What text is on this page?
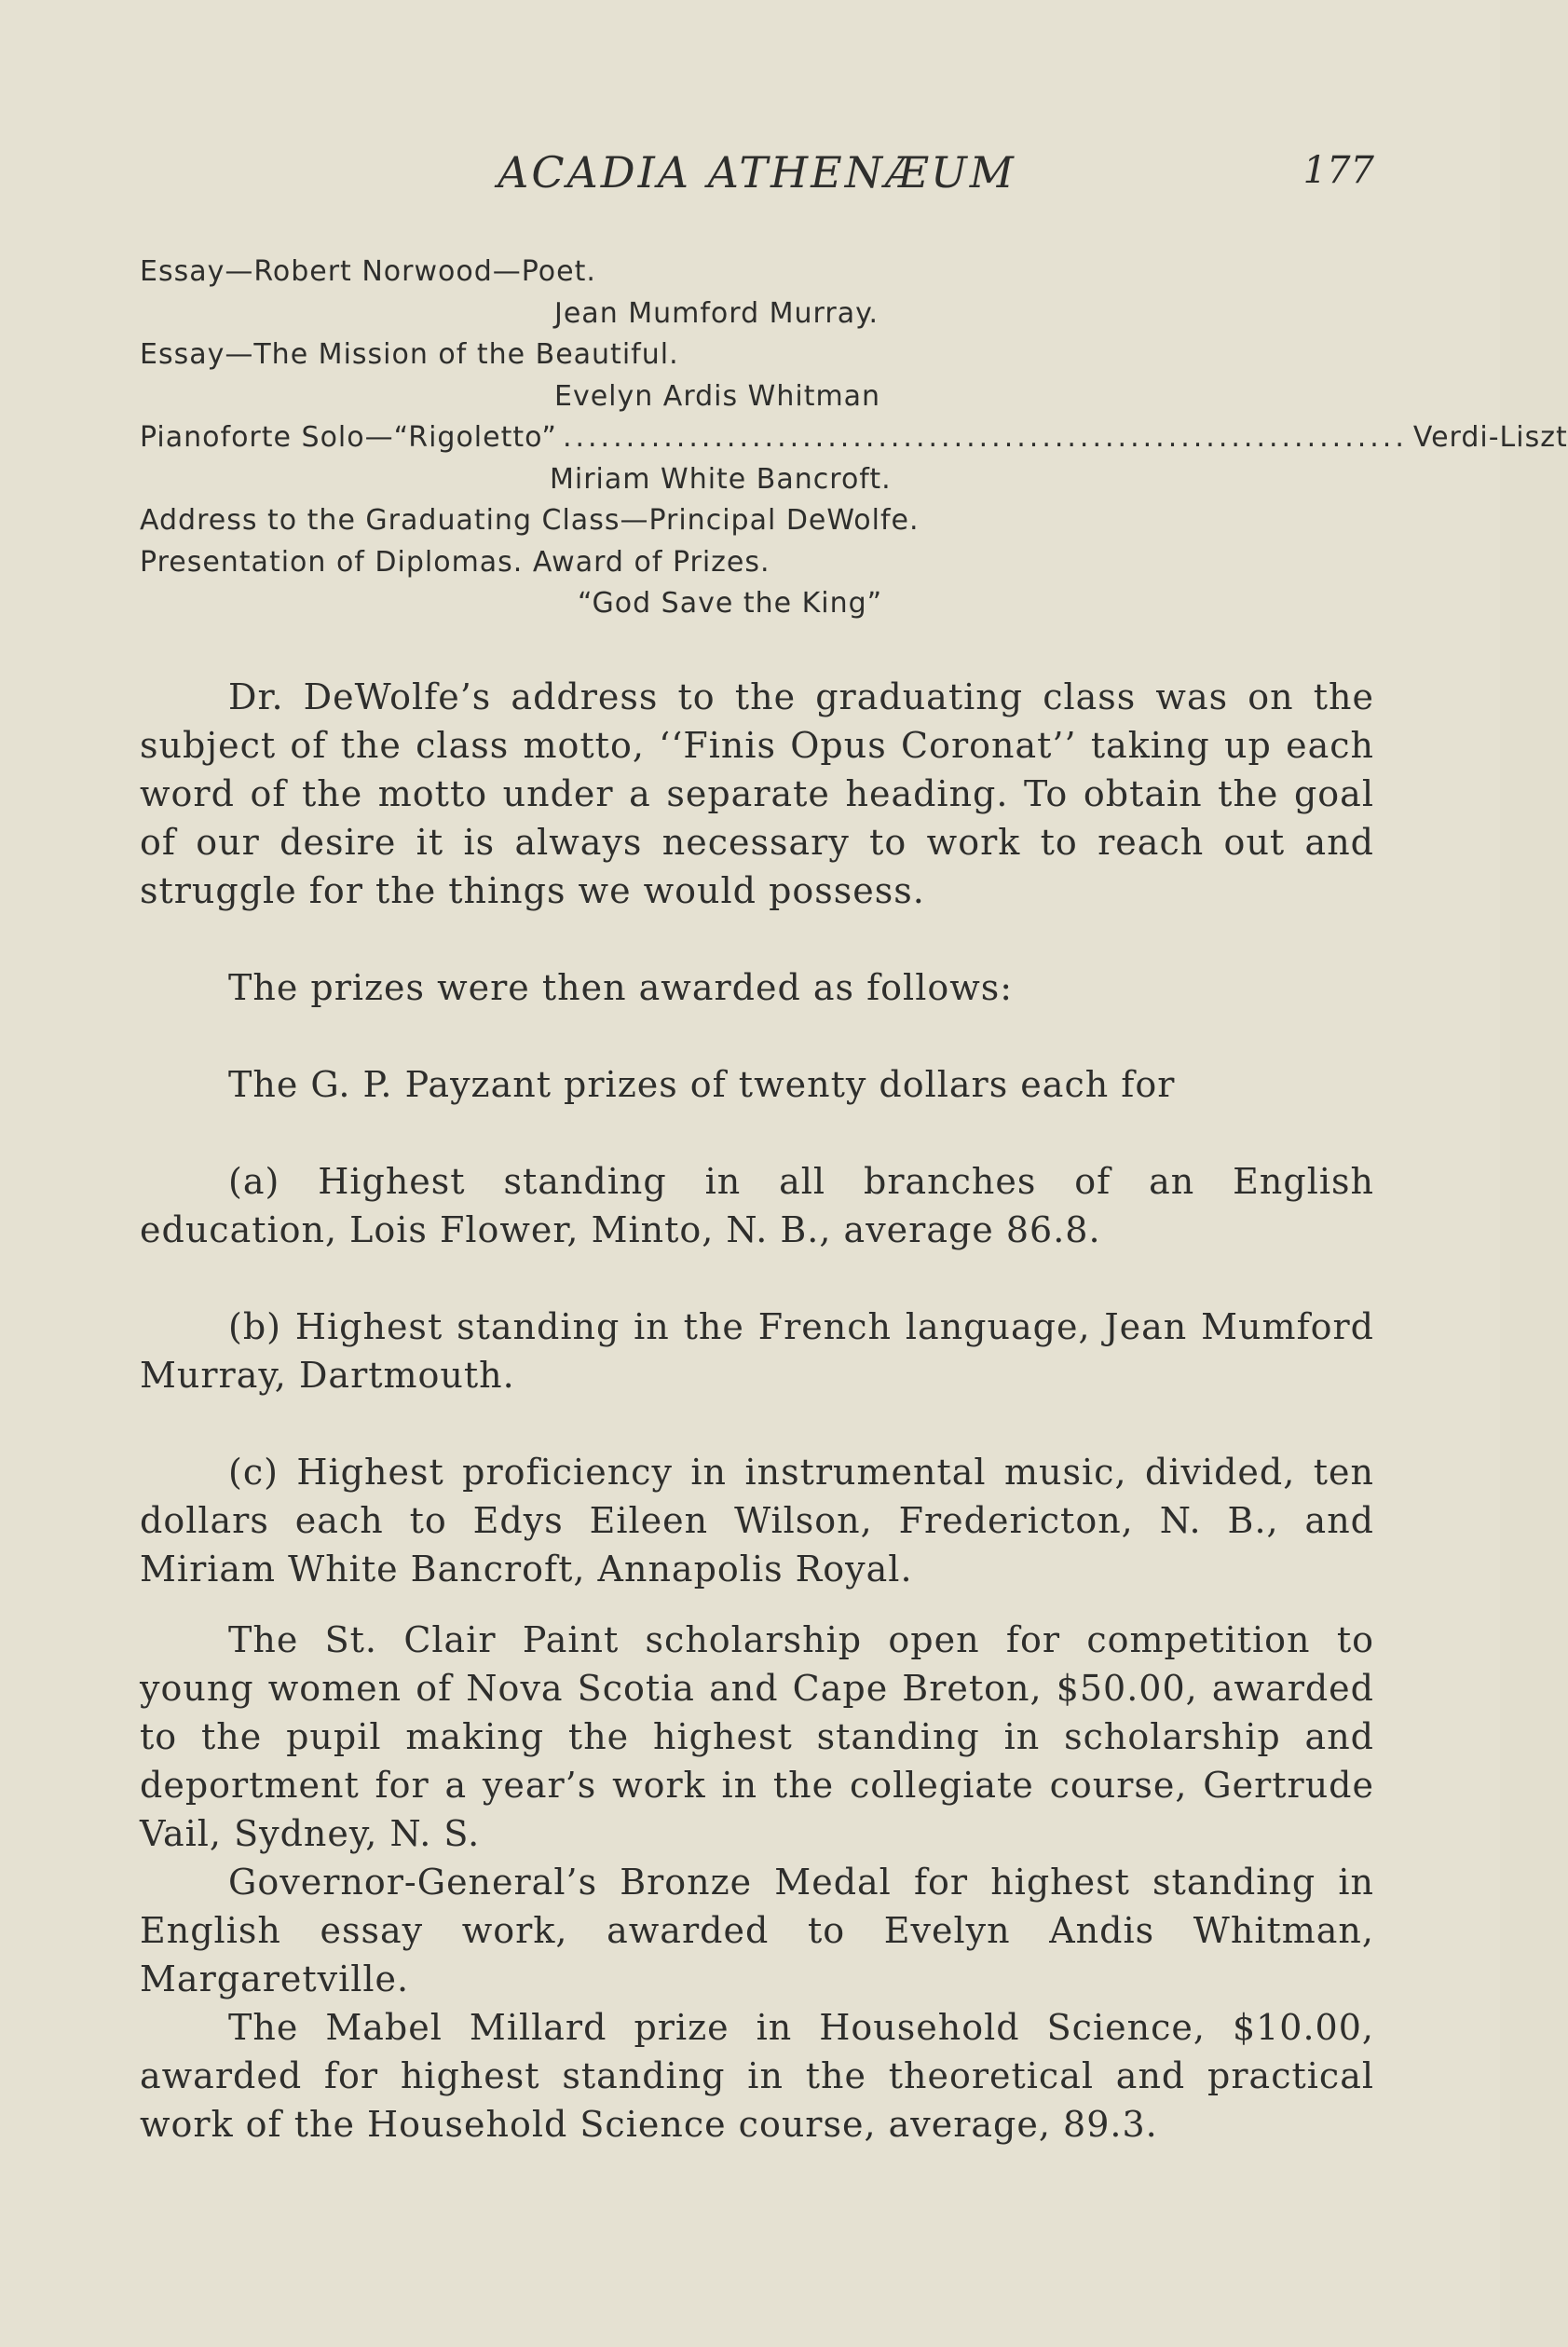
ACADIA ATHENÆUM	177
Essay—Robert Norwood—Poet.
Jean Mumford Murray.
Essay—The Mission of the Beautiful.
Evelyn Ardis Whitman
Pianoforte Solo—“Rigoletto” ................................................................... Verdi-Liszt
Miriam White Bancroft.
Address to the Graduating Class—Principal DeWolfe.
Presentation of Diplomas. Award of Prizes.
“God Save the King”

Dr. DeWolfe’s address to the graduating class was on the subject of the class motto, ‘‘Finis Opus Coronat’’ taking up each word of the motto under a separate heading. To obtain the goal of our desire it is always necessary to work to reach out and struggle for the things we would possess.

The prizes were then awarded as follows:

The G. P. Payzant prizes of twenty dollars each for

(a) Highest standing in all branches of an English education, Lois Flower, Minto, N. B., average 86.8.

(b) Highest standing in the French language, Jean Mumford Murray, Dartmouth.

(c) Highest proficiency in instrumental music, divided, ten dollars each to Edys Eileen Wilson, Fredericton, N. B., and Miriam White Bancroft, Annapolis Royal.

The St. Clair Paint scholarship open for competition to young women of Nova Scotia and Cape Breton, $50.00, awarded to the pupil making the highest standing in scholarship and deportment for a year’s work in the collegiate course, Gertrude Vail, Sydney, N. S.

Governor-General’s Bronze Medal for highest standing in English essay work, awarded to Evelyn Andis Whitman, Margaretville.

The Mabel Millard prize in Household Science, $10.00, awarded for highest standing in the theoretical and practical work of the Household Science course, average, 89.3.
